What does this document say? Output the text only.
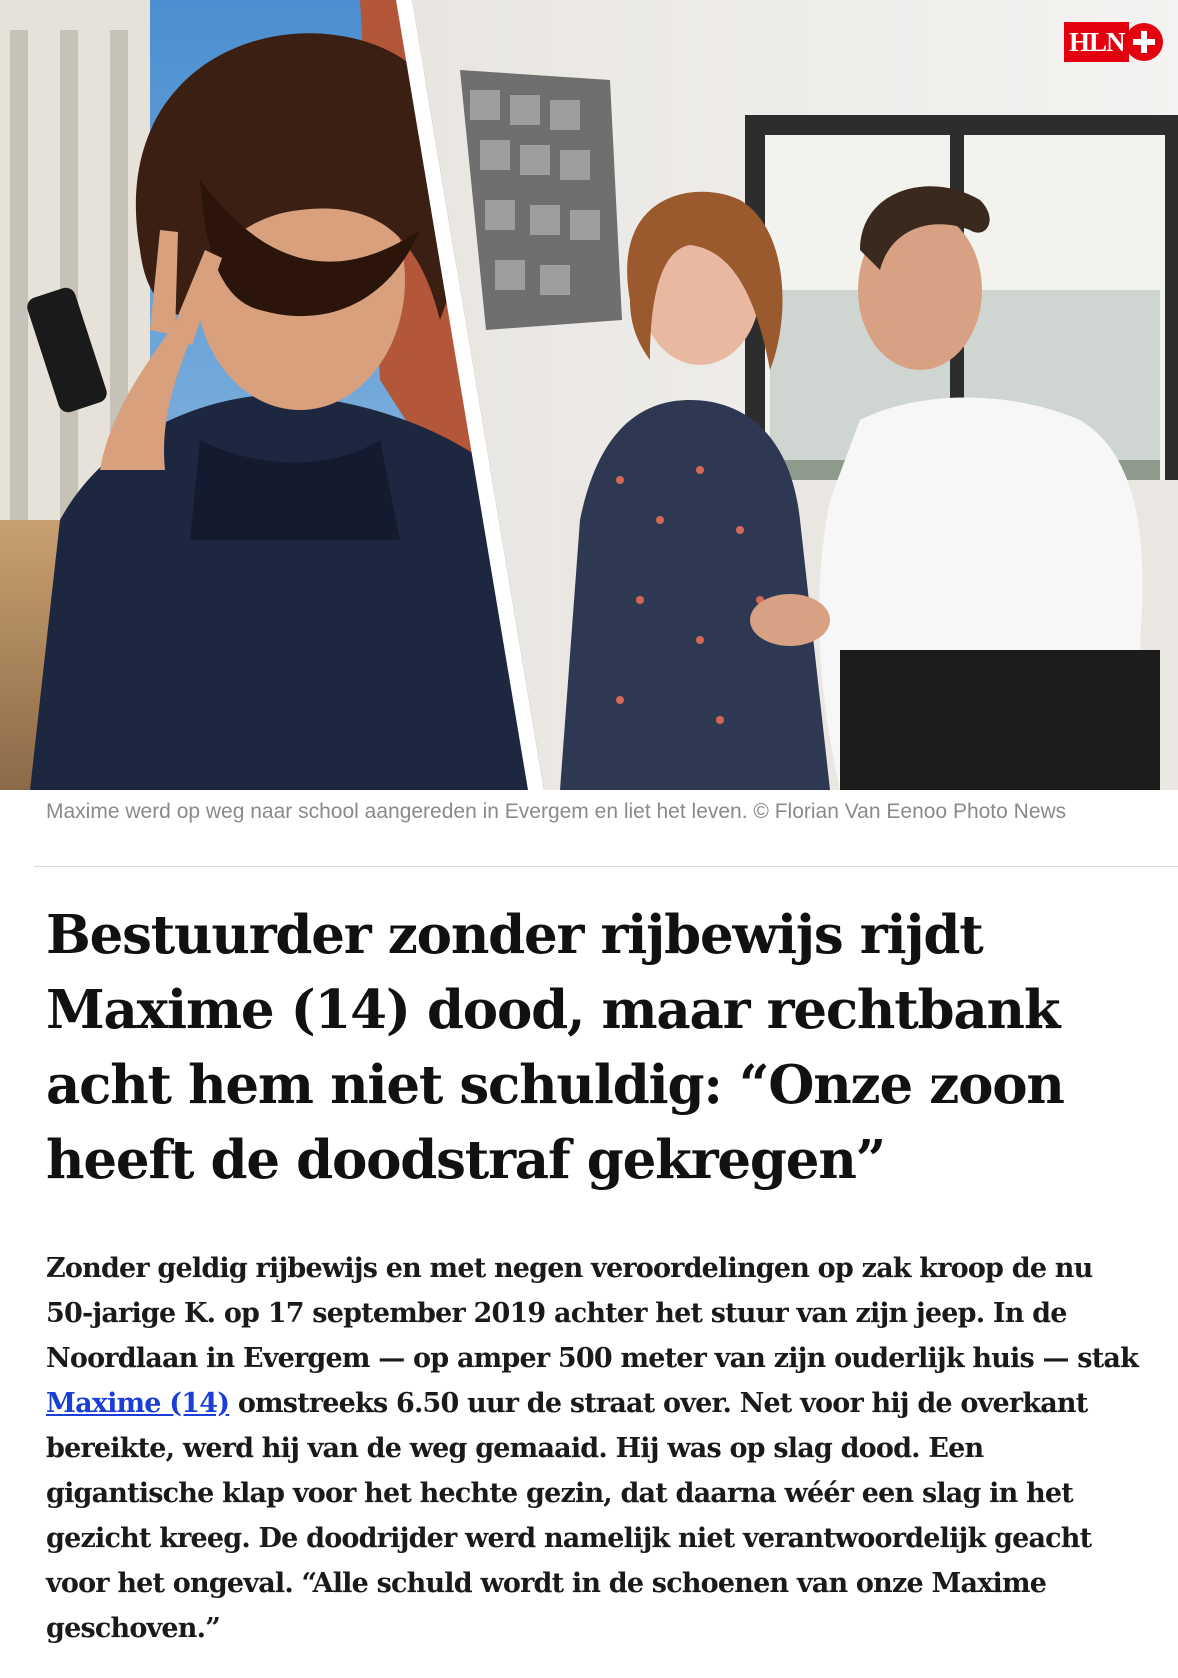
HLN
Maxime werd op weg naar school aangereden in Evergem en liet het leven. © Florian Van Eenoo Photo News
Bestuurder zonder rijbewijs rijdt Maxime (14) dood, maar rechtbank acht hem niet schuldig: “Onze zoon heeft de doodstraf gekregen”

Zonder geldig rijbewijs en met negen veroordelingen op zak kroop de nu 50-jarige K. op 17 september 2019 achter het stuur van zijn jeep. In de Noordlaan in Evergem — op amper 500 meter van zijn ouderlijk huis — stak Maxime (14) omstreeks 6.50 uur de straat over. Net voor hij de overkant bereikte, werd hij van de weg gemaaid. Hij was op slag dood. Een gigantische klap voor het hechte gezin, dat daarna wéér een slag in het gezicht kreeg. De doodrijder werd namelijk niet verantwoordelijk geacht voor het ongeval. “Alle schuld wordt in de schoenen van onze Maxime geschoven.”
